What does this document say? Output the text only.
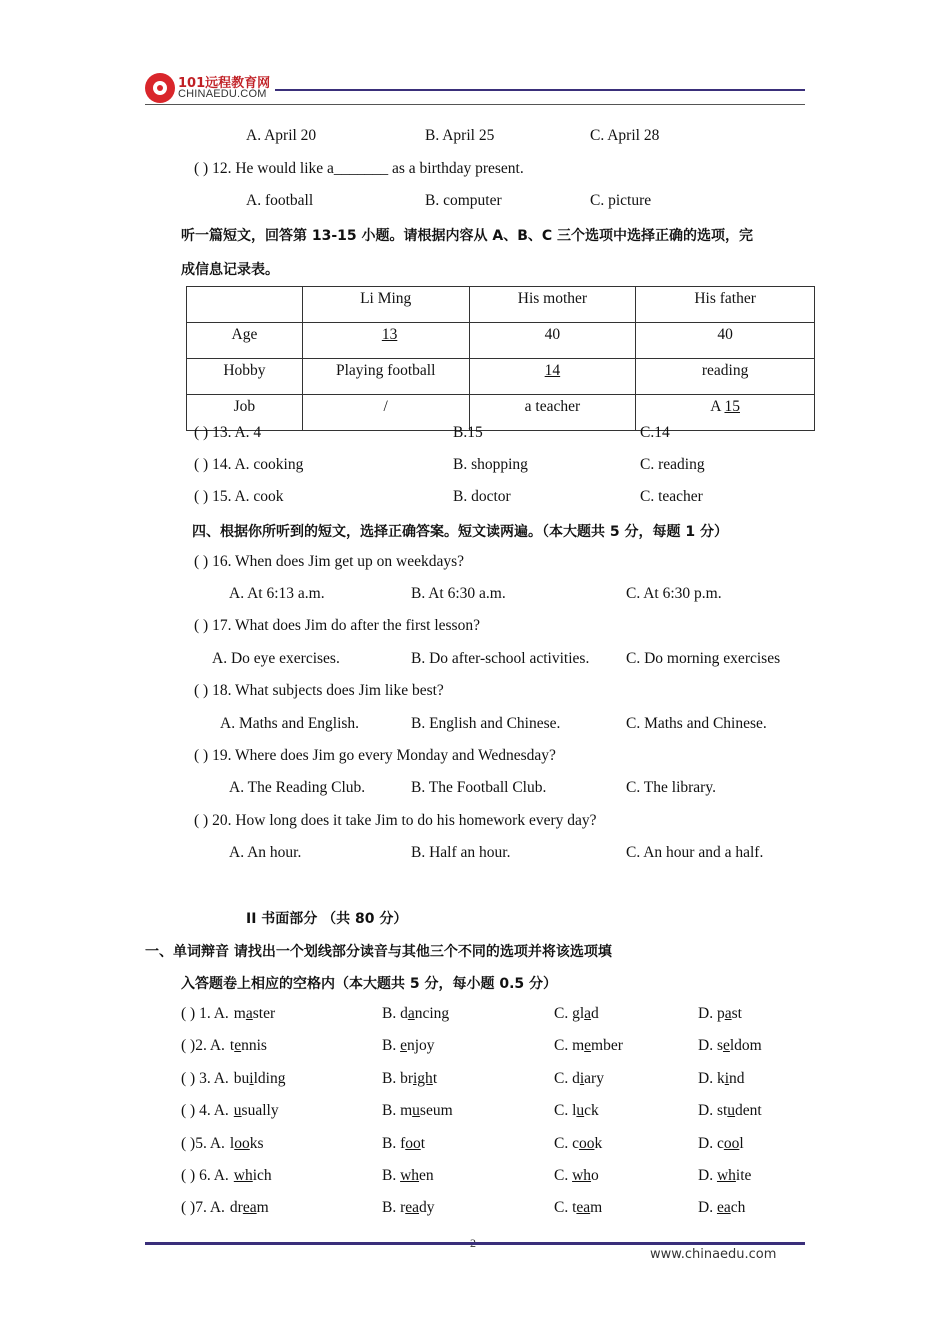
101远程教育网
CHINAEDU.COM
A. April 20	B. April 25	C. April 28
( ) 12. He would like a_______ as a birthday present.
A. football	B. computer	C. picture
听一篇短文，回答第 13-15 小题。请根据内容从 A、B、C 三个选项中选择正确的选项，完
成信息记录表。
	Li Ming	His mother	His father
Age	13	40	40
Hobby	Playing football	14	reading
Job	/	a teacher	A 15
( ) 13. A. 4	B.15	C.14
( ) 14. A. cooking	B. shopping	C. reading
( ) 15. A. cook	B. doctor	C. teacher
四、根据你所听到的短文，选择正确答案。短文读两遍。（本大题共 5 分，每题 1 分）
( ) 16. When does Jim get up on weekdays?
A. At 6:13 a.m.	B. At 6:30 a.m.	C. At 6:30 p.m.
( ) 17. What does Jim do after the first lesson?
A. Do eye exercises.	B. Do after-school activities. C. Do morning exercises
( ) 18. What subjects does Jim like best?
A. Maths and English.	B. English and Chinese.	C. Maths and Chinese.
( ) 19. Where does Jim go every Monday and Wednesday?
A. The Reading Club.	B. The Football Club.	C. The library.
( ) 20. How long does it take Jim to do his homework every day?
A. An hour.	B. Half an hour.	C. An hour and a half.
II 书面部分 （共 80 分）
一、单词辩音 请找出一个划线部分读音与其他三个不同的选项并将该选项填
入答题卷上相应的空格内（本大题共 5 分，每小题 0.5 分）
( ) 1. A. master	B. dancing	C. glad	D. past
( )2. A. tennis	B. enjoy	C. member	D. seldom
( ) 3. A. building	B. bright	C. diary	D. kind
( ) 4. A. usually	B. museum	C. luck	D. student
( )5. A. looks	B. foot	C. cook	D. cool
( ) 6. A. which	B. when	C. who	D. white
( )7. A. dream	B. ready	C. team	D. each
www.chinaedu.com
